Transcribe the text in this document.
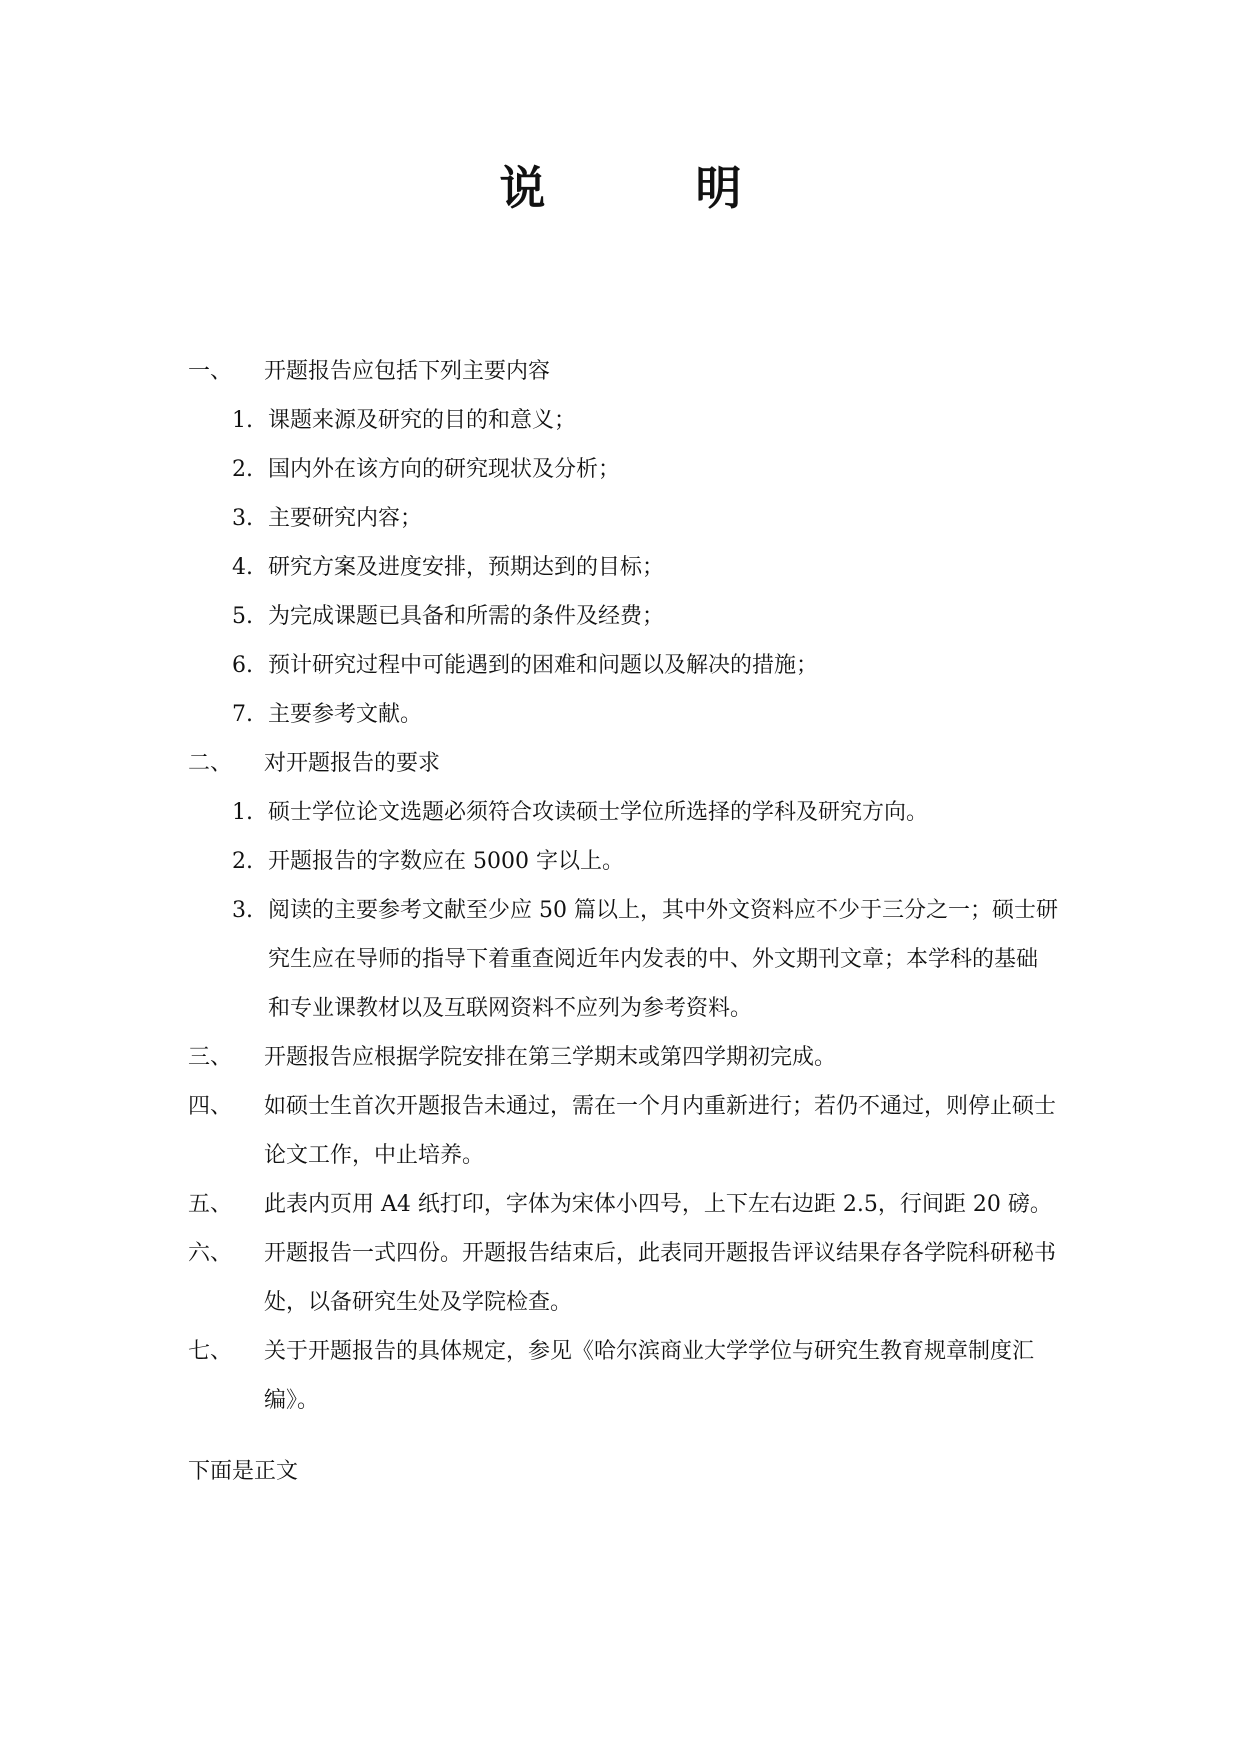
说	明
一、	开题报告应包括下列主要内容
1. 课题来源及研究的目的和意义；
2. 国内外在该方向的研究现状及分析；
3. 主要研究内容；
4. 研究方案及进度安排，预期达到的目标；
5. 为完成课题已具备和所需的条件及经费；
6. 预计研究过程中可能遇到的困难和问题以及解决的措施；
7. 主要参考文献。
二、	对开题报告的要求
1. 硕士学位论文选题必须符合攻读硕士学位所选择的学科及研究方向。
2. 开题报告的字数应在 5000 字以上。
3. 阅读的主要参考文献至少应 50 篇以上，其中外文资料应不少于三分之一；硕士研究生应在导师的指导下着重查阅近年内发表的中、外文期刊文章；本学科的基础和专业课教材以及互联网资料不应列为参考资料。
三、	开题报告应根据学院安排在第三学期末或第四学期初完成。
四、	如硕士生首次开题报告未通过，需在一个月内重新进行；若仍不通过，则停止硕士论文工作，中止培养。
五、	此表内页用 A4 纸打印，字体为宋体小四号，上下左右边距 2.5，行间距 20 磅。
六、	开题报告一式四份。开题报告结束后，此表同开题报告评议结果存各学院科研秘书处，以备研究生处及学院检查。
七、	关于开题报告的具体规定，参见《哈尔滨商业大学学位与研究生教育规章制度汇编》。
下面是正文
